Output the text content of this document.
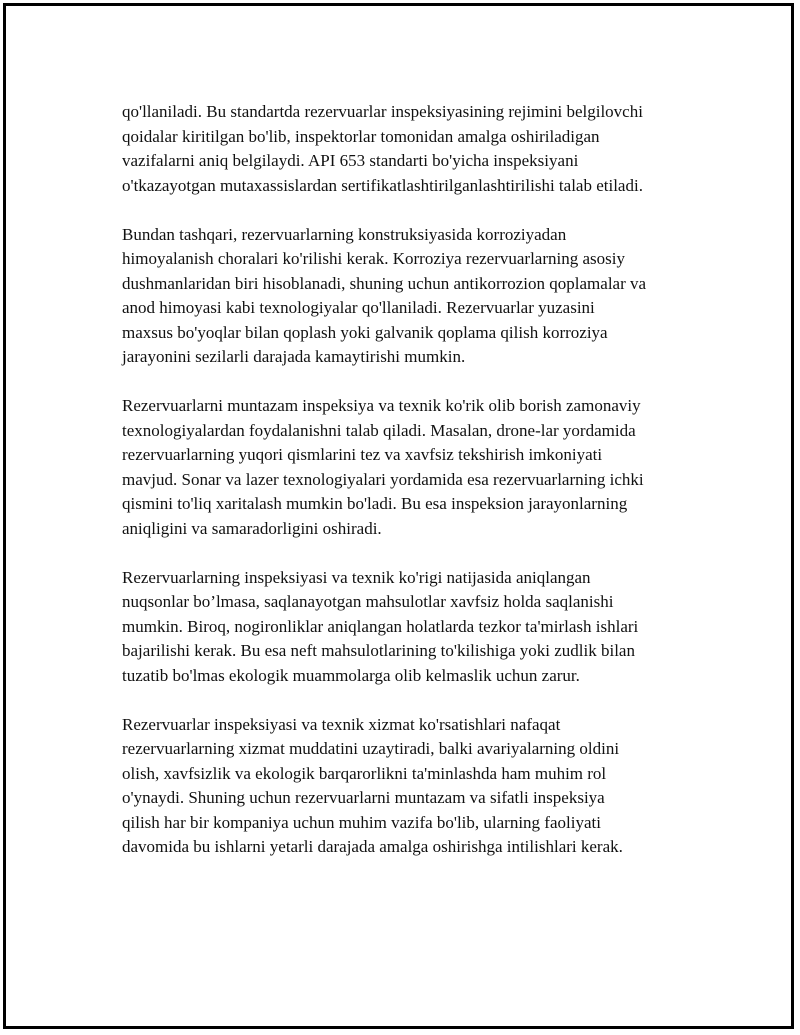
qo'llaniladi. Bu standartda rezervuarlar inspeksiyasining rejimini belgilovchi
qoidalar kiritilgan bo'lib, inspektorlar tomonidan amalga oshiriladigan
vazifalarni aniq belgilaydi. API 653 standarti bo'yicha inspeksiyani
o'tkazayotgan mutaxassislardan sertifikatlashtirilganlashtirilishi talab etiladi.

Bundan tashqari, rezervuarlarning konstruksiyasida korroziyadan
himoyalanish choralari ko'rilishi kerak. Korroziya rezervuarlarning asosiy
dushmanlaridan biri hisoblanadi, shuning uchun antikorrozion qoplamalar va
anod himoyasi kabi texnologiyalar qo'llaniladi. Rezervuarlar yuzasini
maxsus bo'yoqlar bilan qoplash yoki galvanik qoplama qilish korroziya
jarayonini sezilarli darajada kamaytirishi mumkin.

Rezervuarlarni muntazam inspeksiya va texnik ko'rik olib borish zamonaviy
texnologiyalardan foydalanishni talab qiladi. Masalan, drone-lar yordamida
rezervuarlarning yuqori qismlarini tez va xavfsiz tekshirish imkoniyati
mavjud. Sonar va lazer texnologiyalari yordamida esa rezervuarlarning ichki
qismini to'liq xaritalash mumkin bo'ladi. Bu esa inspeksion jarayonlarning
aniqligini va samaradorligini oshiradi.

Rezervuarlarning inspeksiyasi va texnik ko'rigi natijasida aniqlangan
nuqsonlar bo’lmasa, saqlanayotgan mahsulotlar xavfsiz holda saqlanishi
mumkin. Biroq, nogironliklar aniqlangan holatlarda tezkor ta'mirlash ishlari
bajarilishi kerak. Bu esa neft mahsulotlarining to'kilishiga yoki zudlik bilan
tuzatib bo'lmas ekologik muammolarga olib kelmaslik uchun zarur.

Rezervuarlar inspeksiyasi va texnik xizmat ko'rsatishlari nafaqat
rezervuarlarning xizmat muddatini uzaytiradi, balki avariyalarning oldini
olish, xavfsizlik va ekologik barqarorlikni ta'minlashda ham muhim rol
o'ynaydi. Shuning uchun rezervuarlarni muntazam va sifatli inspeksiya
qilish har bir kompaniya uchun muhim vazifa bo'lib, ularning faoliyati
davomida bu ishlarni yetarli darajada amalga oshirishga intilishlari kerak.
